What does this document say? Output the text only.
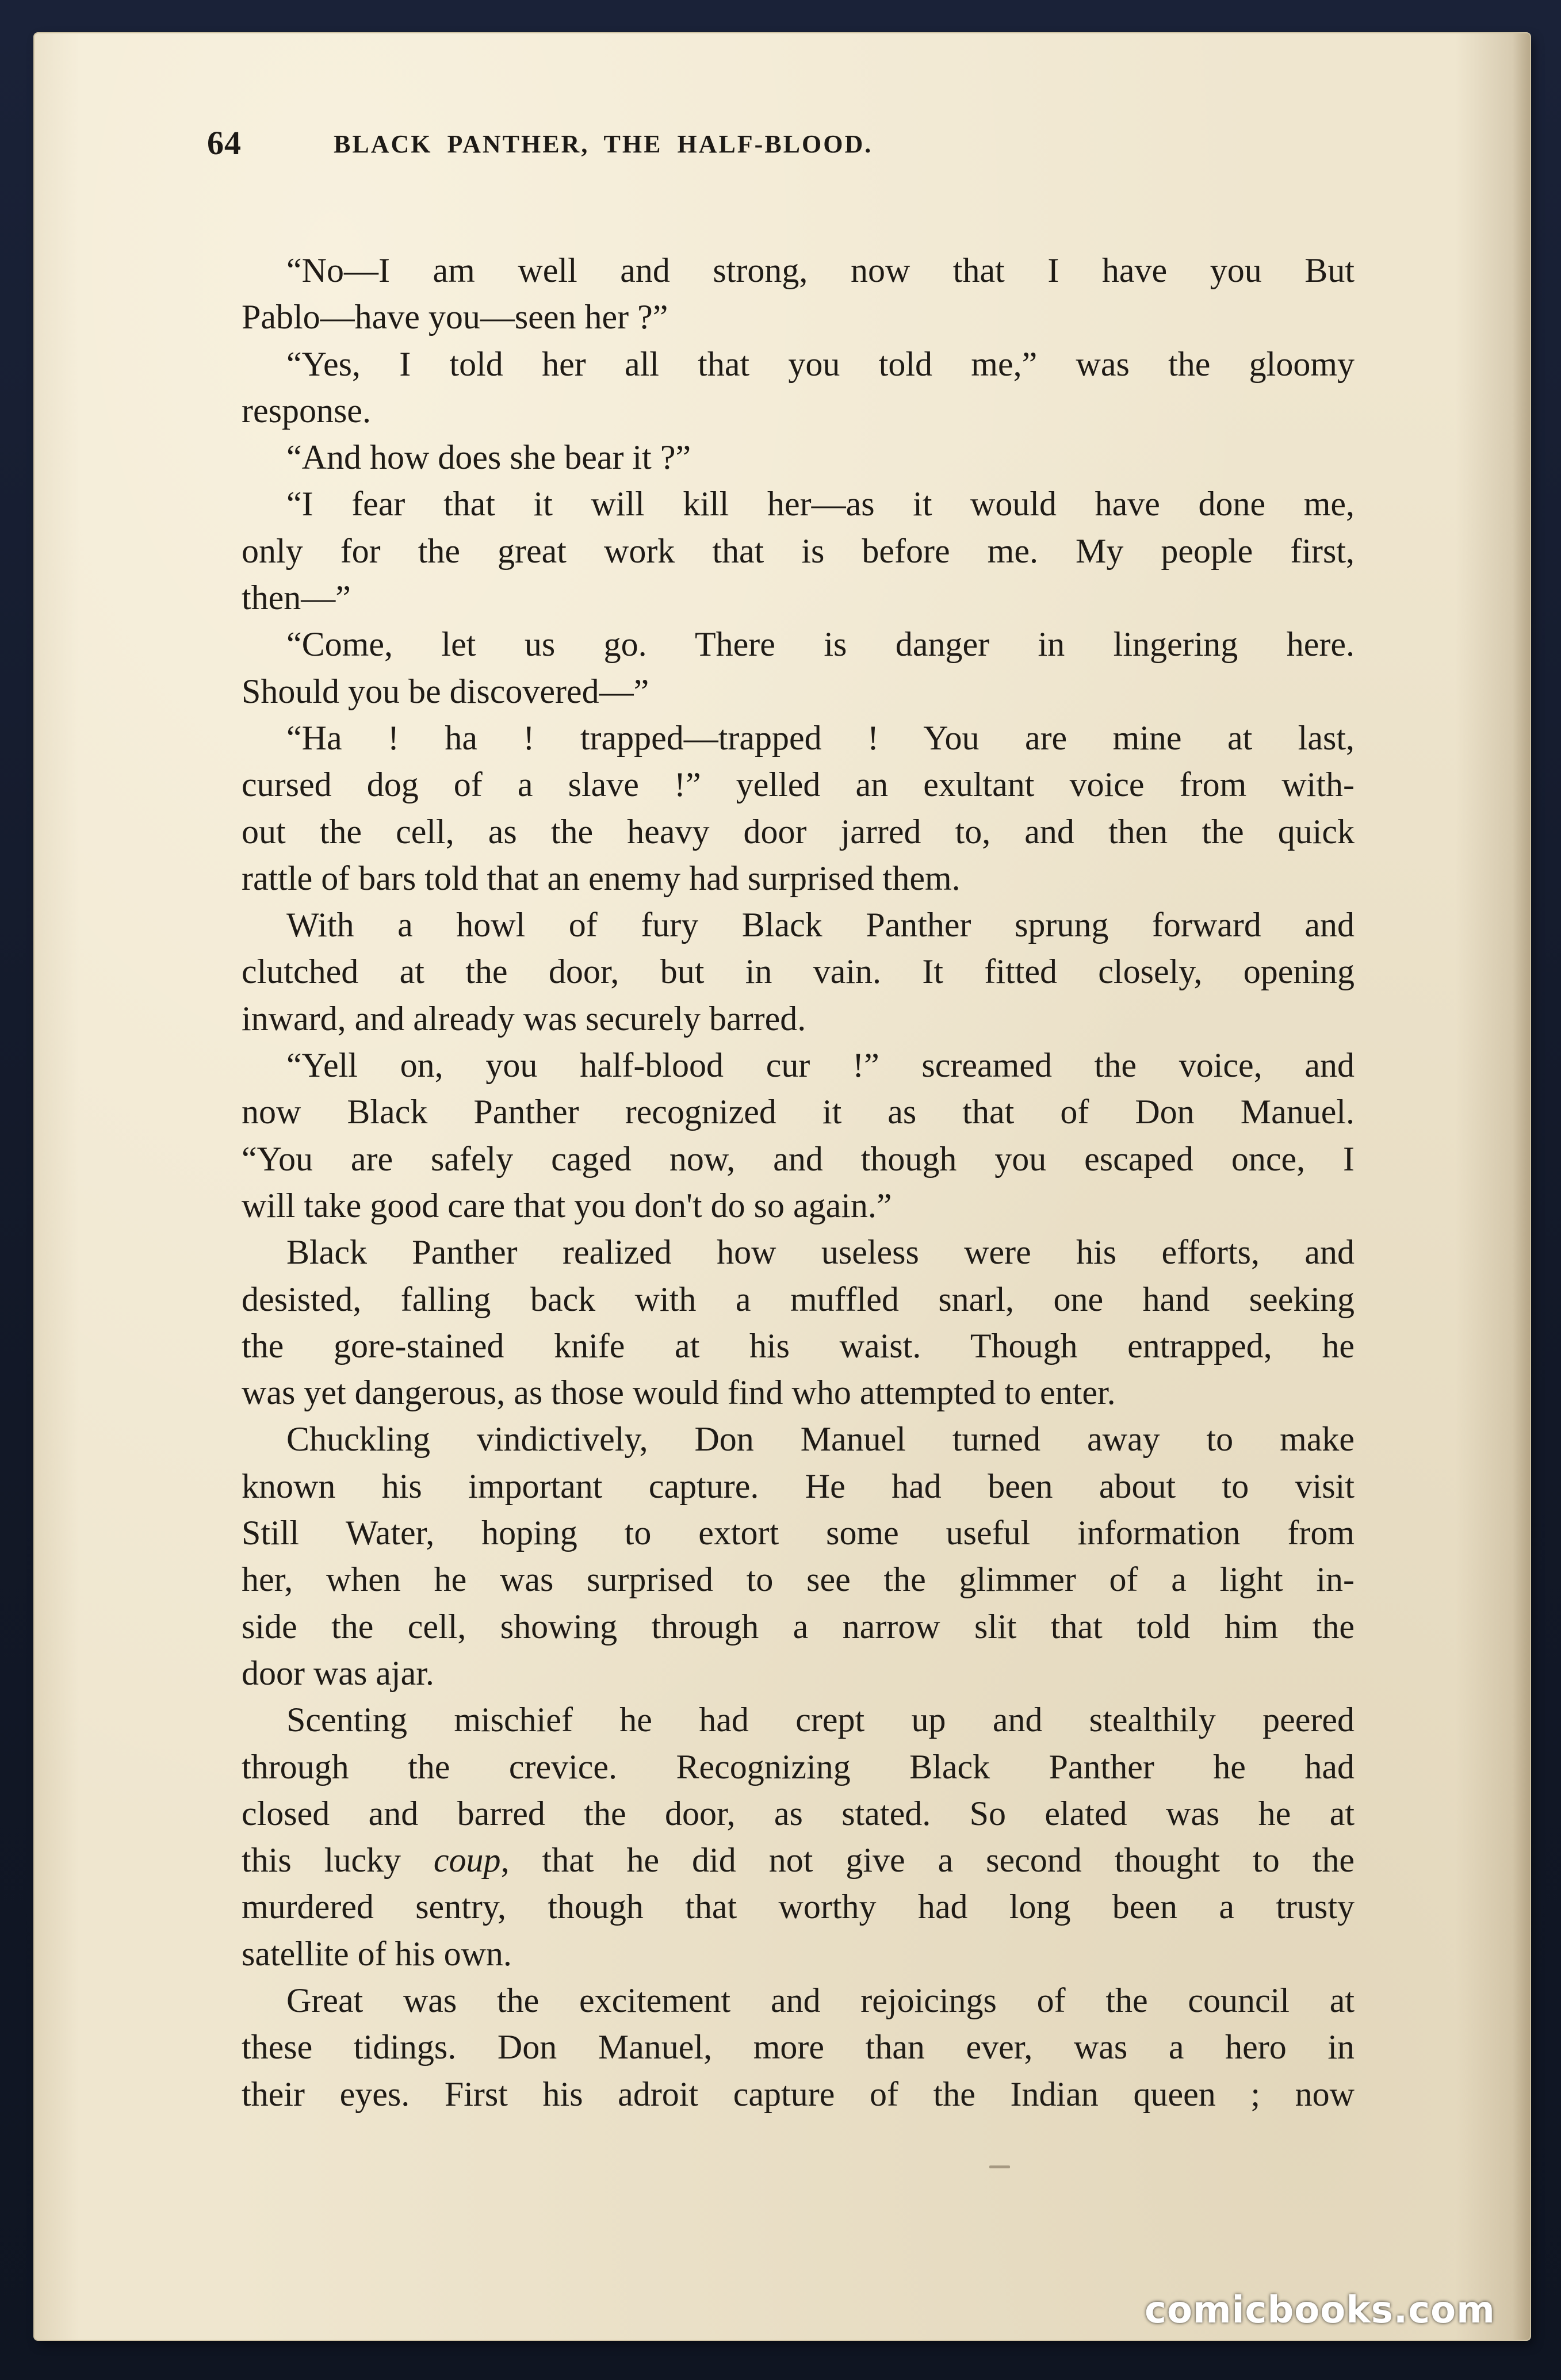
64	BLACK PANTHER, THE HALF-BLOOD.
“No—I am well and strong, now that I have you But
Pablo—have you—seen her ?”
“Yes, I told her all that you told me,” was the gloomy
response.
“And how does she bear it ?”
“I fear that it will kill her—as it would have done me,
only for the great work that is before me. My people first,
then—”
“Come, let us go. There is danger in lingering here.
Should you be discovered—”
“Ha ! ha ! trapped—trapped ! You are mine at last,
cursed dog of a slave !” yelled an exultant voice from with-
out the cell, as the heavy door jarred to, and then the quick
rattle of bars told that an enemy had surprised them.
With a howl of fury Black Panther sprung forward and
clutched at the door, but in vain. It fitted closely, opening
inward, and already was securely barred.
“Yell on, you half-blood cur !” screamed the voice, and
now Black Panther recognized it as that of Don Manuel.
“You are safely caged now, and though you escaped once, I
will take good care that you don't do so again.”
Black Panther realized how useless were his efforts, and
desisted, falling back with a muffled snarl, one hand seeking
the gore-stained knife at his waist. Though entrapped, he
was yet dangerous, as those would find who attempted to enter.
Chuckling vindictively, Don Manuel turned away to make
known his important capture. He had been about to visit
Still Water, hoping to extort some useful information from
her, when he was surprised to see the glimmer of a light in-
side the cell, showing through a narrow slit that told him the
door was ajar.
Scenting mischief he had crept up and stealthily peered
through the crevice. Recognizing Black Panther he had
closed and barred the door, as stated. So elated was he at
this lucky coup, that he did not give a second thought to the
murdered sentry, though that worthy had long been a trusty
satellite of his own.
Great was the excitement and rejoicings of the council at
these tidings. Don Manuel, more than ever, was a hero in
their eyes. First his adroit capture of the Indian queen ; now
comicbooks.com
